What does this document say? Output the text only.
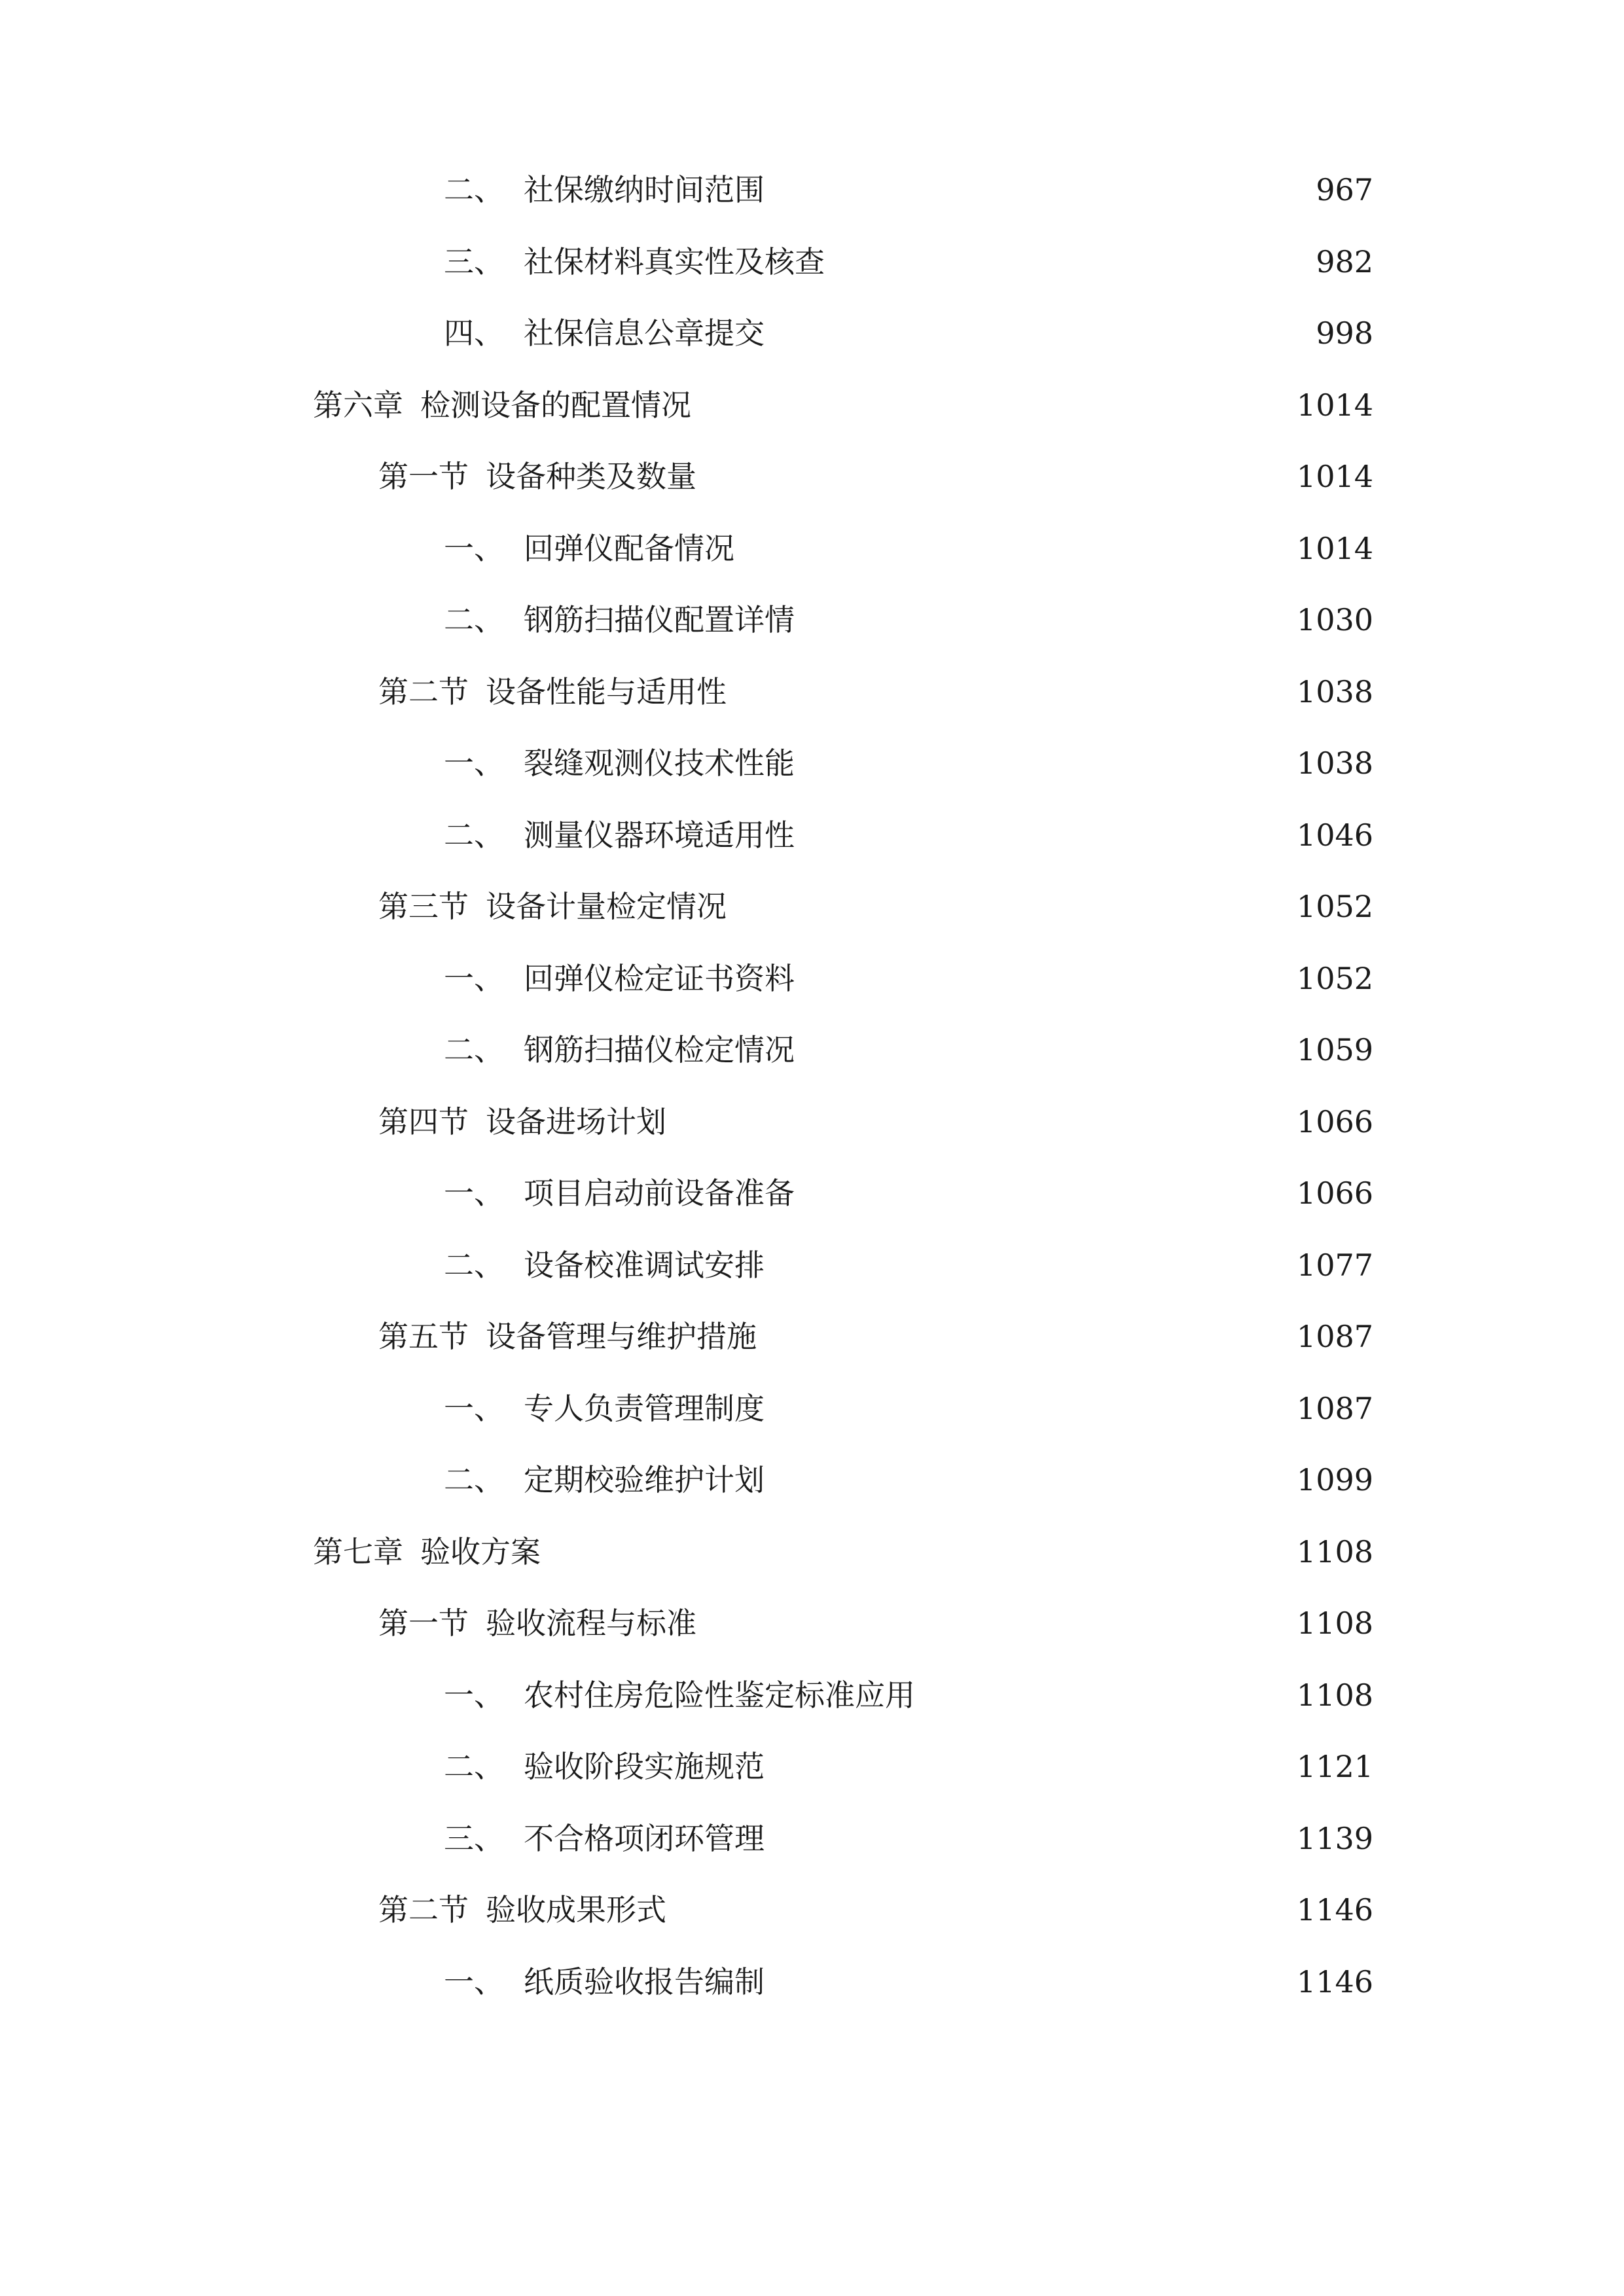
二、 社保缴纳时间范围	967
三、 社保材料真实性及核查	982
四、 社保信息公章提交	998
第六章 检测设备的配置情况	1014
第一节 设备种类及数量	1014
一、 回弹仪配备情况	1014
二、 钢筋扫描仪配置详情	1030
第二节 设备性能与适用性	1038
一、 裂缝观测仪技术性能	1038
二、 测量仪器环境适用性	1046
第三节 设备计量检定情况	1052
一、 回弹仪检定证书资料	1052
二、 钢筋扫描仪检定情况	1059
第四节 设备进场计划	1066
一、 项目启动前设备准备	1066
二、 设备校准调试安排	1077
第五节 设备管理与维护措施	1087
一、 专人负责管理制度	1087
二、 定期校验维护计划	1099
第七章 验收方案	1108
第一节 验收流程与标准	1108
一、 农村住房危险性鉴定标准应用	1108
二、 验收阶段实施规范	1121
三、 不合格项闭环管理	1139
第二节 验收成果形式	1146
一、 纸质验收报告编制	1146
